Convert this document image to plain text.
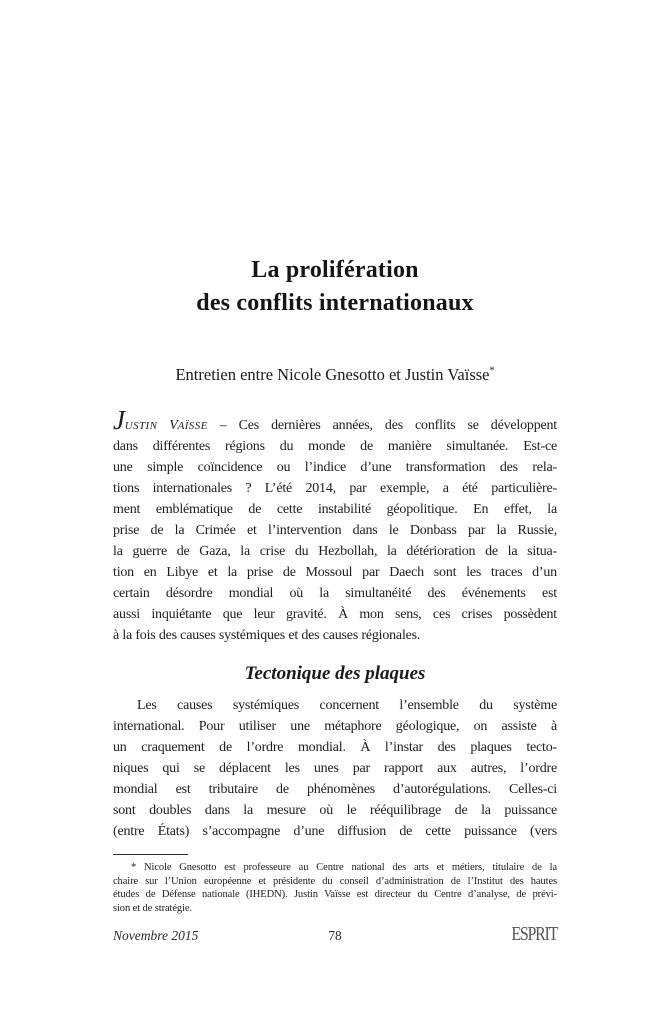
La prolifération
des conflits internationaux
Entretien entre Nicole Gnesotto et Justin Vaïsse*
JUSTIN VAÏSSE – Ces dernières années, des conflits se développent
dans différentes régions du monde de manière simultanée. Est-ce
une simple coïncidence ou l’indice d’une transformation des rela-
tions internationales ? L’été 2014, par exemple, a été particulière-
ment emblématique de cette instabilité géopolitique. En effet, la
prise de la Crimée et l’intervention dans le Donbass par la Russie,
la guerre de Gaza, la crise du Hezbollah, la détérioration de la situa-
tion en Libye et la prise de Mossoul par Daech sont les traces d’un
certain désordre mondial où la simultanéité des événements est
aussi inquiétante que leur gravité. À mon sens, ces crises possèdent
à la fois des causes systémiques et des causes régionales.
Tectonique des plaques
Les causes systémiques concernent l’ensemble du système
international. Pour utiliser une métaphore géologique, on assiste à
un craquement de l’ordre mondial. À l’instar des plaques tecto-
niques qui se déplacent les unes par rapport aux autres, l’ordre
mondial est tributaire de phénomènes d’autorégulations. Celles-ci
sont doubles dans la mesure où le rééquilibrage de la puissance
(entre États) s’accompagne d’une diffusion de cette puissance (vers
* Nicole Gnesotto est professeure au Centre national des arts et métiers, titulaire de la
chaire sur l’Union européenne et présidente du conseil d’administration de l’Institut des hautes
études de Défense nationale (IHEDN). Justin Vaïsse est directeur du Centre d’analyse, de prévi-
sion et de stratégie.
Novembre 2015	78	ESPRIT
